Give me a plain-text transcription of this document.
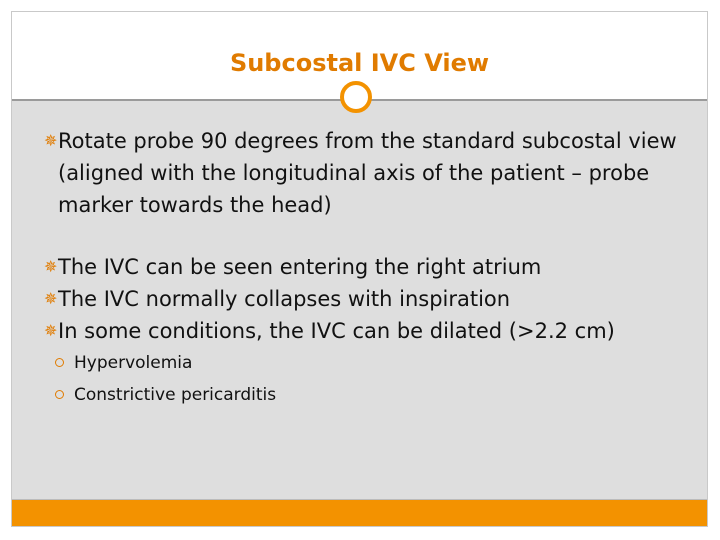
Subcostal IVC View
​✵ Rotate probe 90 degrees from the standard subcostal view (aligned with the longitudinal axis of the patient – probe marker towards the head)
✵ The IVC can be seen entering the right atrium
✵ The IVC normally collapses with inspiration
✵ In some conditions, the IVC can be dilated (>2.2 cm)
Hypervolemia
Constrictive pericarditis
